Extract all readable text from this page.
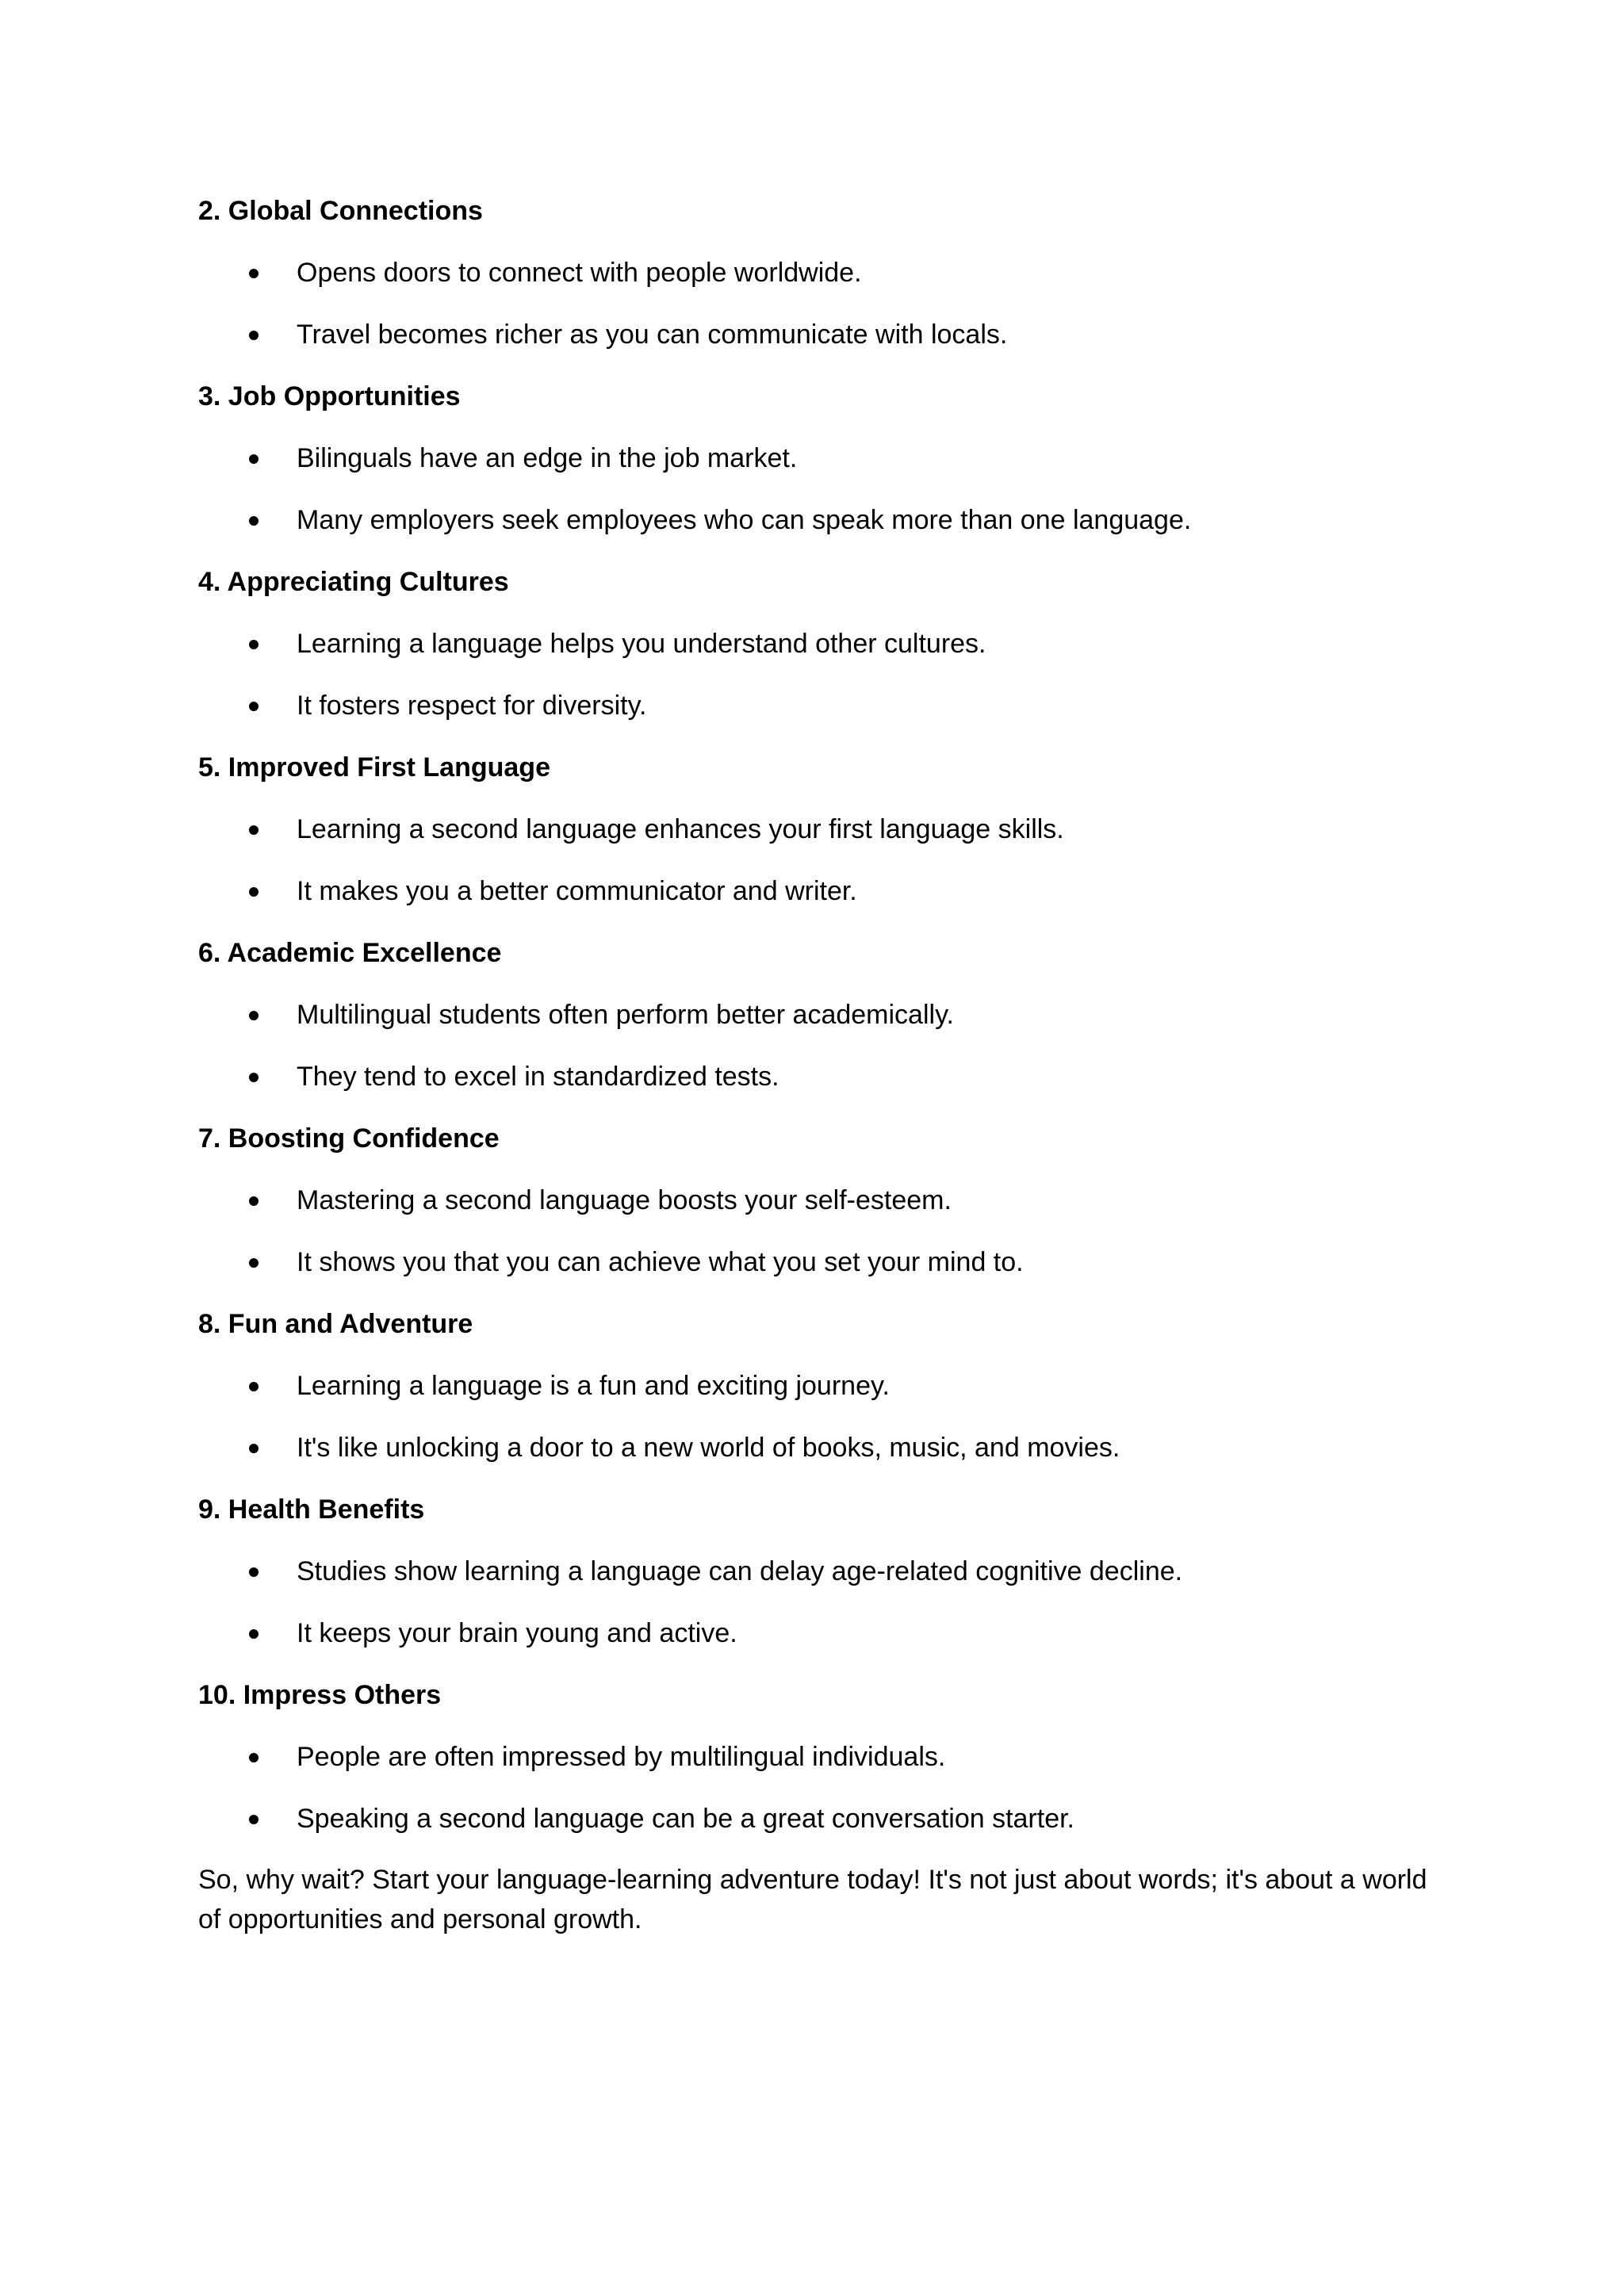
2. Global Connections
Opens doors to connect with people worldwide.
Travel becomes richer as you can communicate with locals.
3. Job Opportunities
Bilinguals have an edge in the job market.
Many employers seek employees who can speak more than one language.
4. Appreciating Cultures
Learning a language helps you understand other cultures.
It fosters respect for diversity.
5. Improved First Language
Learning a second language enhances your first language skills.
It makes you a better communicator and writer.
6. Academic Excellence
Multilingual students often perform better academically.
They tend to excel in standardized tests.
7. Boosting Confidence
Mastering a second language boosts your self-esteem.
It shows you that you can achieve what you set your mind to.
8. Fun and Adventure
Learning a language is a fun and exciting journey.
It's like unlocking a door to a new world of books, music, and movies.
9. Health Benefits
Studies show learning a language can delay age-related cognitive decline.
It keeps your brain young and active.
10. Impress Others
People are often impressed by multilingual individuals.
Speaking a second language can be a great conversation starter.

So, why wait? Start your language-learning adventure today! It's not just about words; it's about a world of opportunities and personal growth.
